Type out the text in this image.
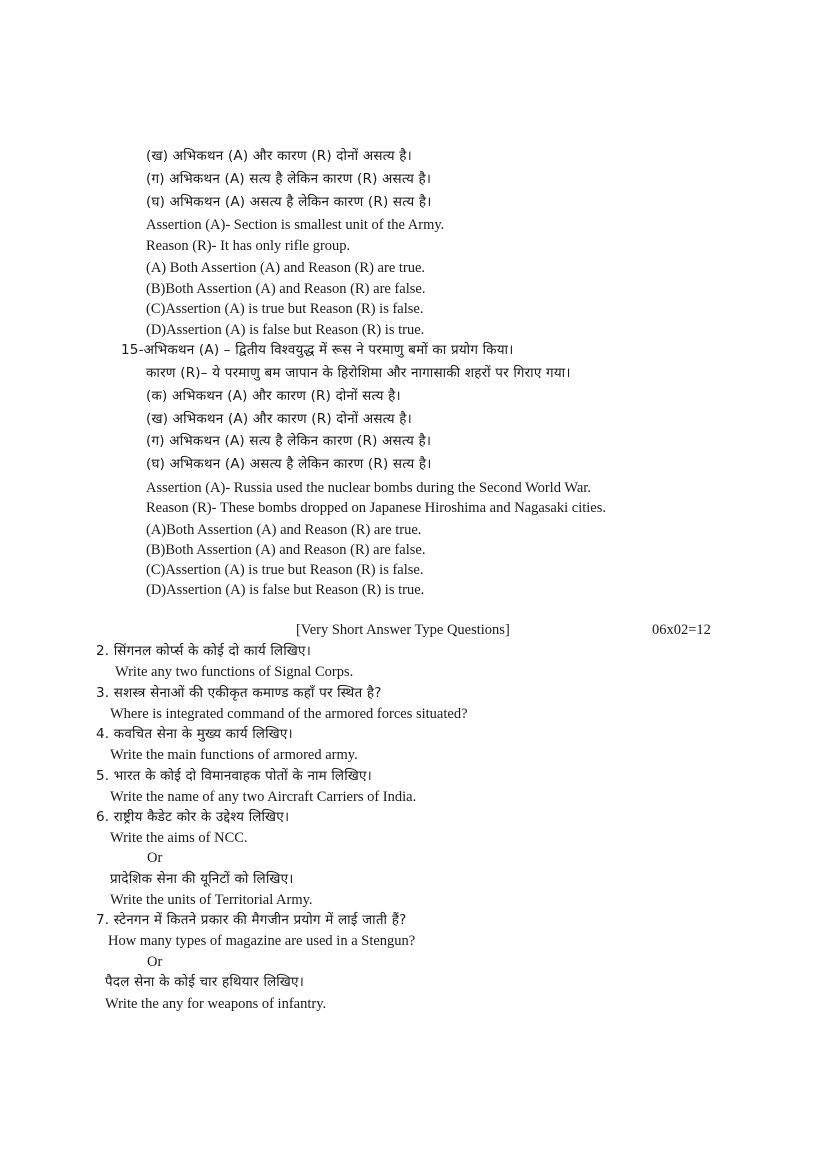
(ख) अभिकथन (A) और कारण (R) दोनों असत्य है।
(ग) अभिकथन (A) सत्य है लेकिन कारण (R) असत्य है।
(घ) अभिकथन (A) असत्य है लेकिन कारण (R) सत्य है।
Assertion (A)- Section is smallest unit of the Army.
Reason (R)- It has only rifle group.
(A) Both Assertion (A) and Reason (R) are true.
(B)Both Assertion (A) and Reason (R) are false.
(C)Assertion (A) is true but Reason (R) is false.
(D)Assertion (A) is false but Reason (R) is true.
15-अभिकथन (A) – द्वितीय विश्वयुद्ध में रूस ने परमाणु बमों का प्रयोग किया।
कारण (R)– ये परमाणु बम जापान के हिरोशिमा और नागासाकी शहरों पर गिराए गया।
(क) अभिकथन (A) और कारण (R) दोनों सत्य है।
(ख) अभिकथन (A) और कारण (R) दोनों असत्य है।
(ग) अभिकथन (A) सत्य है लेकिन कारण (R) असत्य है।
(घ) अभिकथन (A) असत्य है लेकिन कारण (R) सत्य है।
Assertion (A)- Russia used the nuclear bombs during the Second World War.
Reason (R)- These bombs dropped on Japanese Hiroshima and Nagasaki cities.
(A)Both Assertion (A) and Reason (R) are true.
(B)Both Assertion (A) and Reason (R) are false.
(C)Assertion (A) is true but Reason (R) is false.
(D)Assertion (A) is false but Reason (R) is true.
[Very Short Answer Type Questions]	06x02=12
2. सिंगनल कोर्प्स के कोई दो कार्य लिखिए।
Write any two functions of Signal Corps.
3. सशस्त्र सेनाओं की एकीकृत कमाण्ड कहाँ पर स्थित है?
Where is integrated command of the armored forces situated?
4. कवचित सेना के मुख्य कार्य लिखिए।
Write the main functions of armored army.
5. भारत के कोई दो विमानवाहक पोतों के नाम लिखिए।
Write the name of any two Aircraft Carriers of India.
6. राष्ट्रीय कैडेट कोर के उद्देश्य लिखिए।
Write the aims of NCC.
Or
प्रादेशिक सेना की यूनिटों को लिखिए।
Write the units of Territorial Army.
7. स्टेनगन में कितने प्रकार की मैगजीन प्रयोग में लाई जाती हैं?
How many types of magazine are used in a Stengun?
Or
पैदल सेना के कोई चार हथियार लिखिए।
Write the any for weapons of infantry.
